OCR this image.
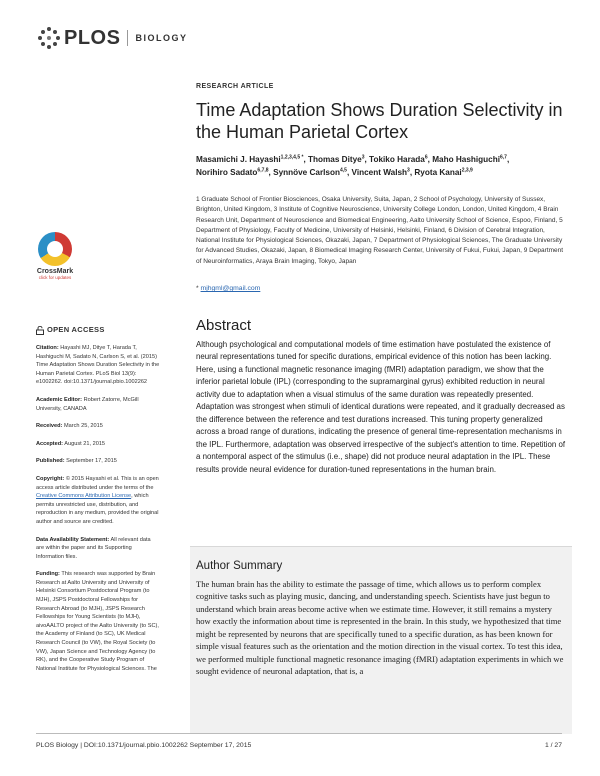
PLOS BIOLOGY
CrossMark
click for updates
OPEN ACCESS

Citation: Hayashi MJ, Ditye T, Harada T, Hashiguchi M, Sadato N, Carlson S, et al. (2015) Time Adaptation Shows Duration Selectivity in the Human Parietal Cortex. PLoS Biol 13(9): e1002262. doi:10.1371/journal.pbio.1002262

Academic Editor: Robert Zatorre, McGill University, CANADA

Received: March 25, 2015

Accepted: August 21, 2015

Published: September 17, 2015

Copyright: © 2015 Hayashi et al. This is an open access article distributed under the terms of the Creative Commons Attribution License, which permits unrestricted use, distribution, and reproduction in any medium, provided the original author and source are credited.

Data Availability Statement: All relevant data are within the paper and its Supporting Information files.

Funding: This research was supported by Brain Research at Aalto University and University of Helsinki Consortium Postdoctoral Program (to MJH), JSPS Postdoctoral Fellowships for Research Abroad (to MJH), JSPS Research Fellowships for Young Scientists (to MJH), aivoAALTO project of the Aalto University (to SC), the Academy of Finland (to SC), UK Medical Research Council (to VW), the Royal Society (to VW), Japan Science and Technology Agency (to RK), and the Cooperative Study Program of National Institute for Physiological Sciences. The

RESEARCH ARTICLE
Time Adaptation Shows Duration Selectivity in the Human Parietal Cortex
Masamichi J. Hayashi$^{1,2,3,4,5 *}$, Thomas Ditye$^3$, Tokiko Harada$^6$, Maho Hashiguchi$^{6,7}$,
Norihiro Sadato$^{6,7,8}$, Synnöve Carlson$^{4,5}$, Vincent Walsh$^3$, Ryota Kanai$^{2,3,9}$
1 Graduate School of Frontier Biosciences, Osaka University, Suita, Japan, 2 School of Psychology, University of Sussex, Brighton, United Kingdom, 3 Institute of Cognitive Neuroscience, University College London, London, United Kingdom, 4 Brain Research Unit, Department of Neuroscience and Biomedical Engineering, Aalto University School of Science, Espoo, Finland, 5 Department of Physiology, Faculty of Medicine, University of Helsinki, Helsinki, Finland, 6 Division of Cerebral Integration, National Institute for Physiological Sciences, Okazaki, Japan, 7 Department of Physiological Sciences, The Graduate University for Advanced Studies, Okazaki, Japan, 8 Biomedical Imaging Research Center, University of Fukui, Fukui, Japan, 9 Department of Neuroinformatics, Araya Brain Imaging, Tokyo, Japan
* mjhgml@gmail.com
Abstract
Although psychological and computational models of time estimation have postulated the existence of neural representations tuned for specific durations, empirical evidence of this notion has been lacking. Here, using a functional magnetic resonance imaging (fMRI) adaptation paradigm, we show that the inferior parietal lobule (IPL) (corresponding to the supramarginal gyrus) exhibited reduction in neural activity due to adaptation when a visual stimulus of the same duration was repeatedly presented. Adaptation was strongest when stimuli of identical durations were repeated, and it gradually decreased as the difference between the reference and test durations increased. This tuning property generalized across a broad range of durations, indicating the presence of general time-representation mechanisms in the IPL. Furthermore, adaptation was observed irrespective of the subject's attention to time. Repetition of a nontemporal aspect of the stimulus (i.e., shape) did not produce neural adaptation in the IPL. These results provide neural evidence for duration-tuned representations in the human brain.
Author Summary
The human brain has the ability to estimate the passage of time, which allows us to perform complex cognitive tasks such as playing music, dancing, and understanding speech. Scientists have just begun to understand which brain areas become active when we estimate time. However, it still remains a mystery how exactly the information about time is represented in the brain. In this study, we hypothesized that time might be represented by neurons that are specifically tuned to a specific duration, as has been known for simple visual features such as the orientation and the motion direction in the visual cortex. To test this idea, we performed multiple functional magnetic resonance imaging (fMRI) adaptation experiments in which we sought evidence of neuronal adaptation, that is, a
PLOS Biology | DOI:10.1371/journal.pbio.1002262 September 17, 2015	1 / 27
